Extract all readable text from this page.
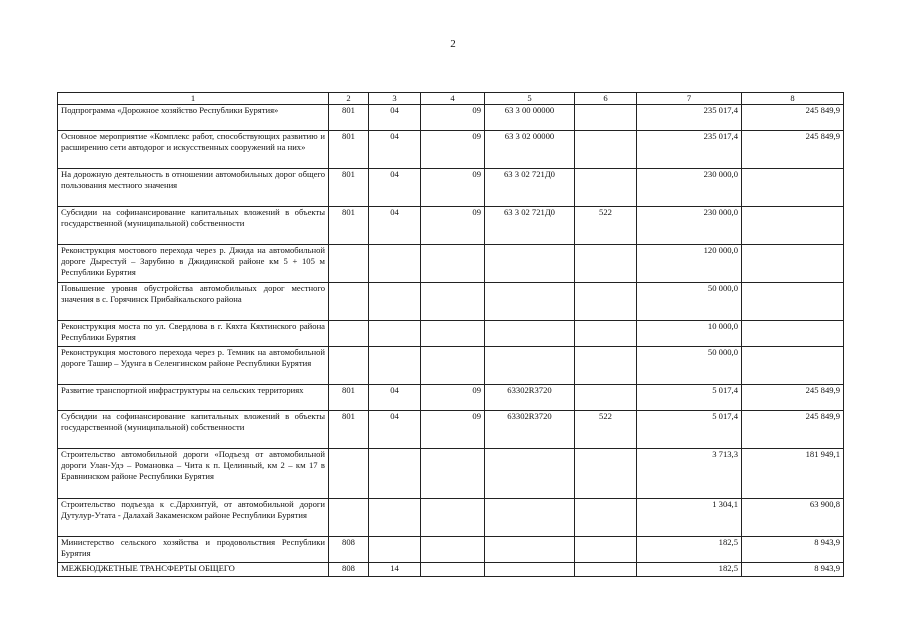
2
1	2	3	4	5	6	7	8
Подпрограмма «Дорожное хозяйство Республики Бурятия»	801	04	09	63 3 00 00000		235 017,4	245 849,9
Основное мероприятие «Комплекс работ, способствующих развитию и расширению сети автодорог и искусственных сооружений на них»	801	04	09	63 3 02 00000		235 017,4	245 849,9
На дорожную деятельность в отношении автомобильных дорог общего пользования местного значения	801	04	09	63 3 02 721Д0		230 000,0	
Субсидии на софинансирование капитальных вложений в объекты государственной (муниципальной) собственности	801	04	09	63 3 02 721Д0	522	230 000,0	
Реконструкция мостового перехода через р. Джида на автомобильной дороге Дырестуй – Зарубино в Джидинской районе км 5 + 105 м Республики Бурятия						120 000,0	
Повышение уровня обустройства автомобильных дорог местного значения в с. Горячинск Прибайкальского района						50 000,0	
Реконструкция моста по ул. Свердлова в г. Кяхта Кяхтинского района Республики Бурятия						10 000,0	
Реконструкция мостового перехода через р. Темник на автомобильной дороге Ташир – Удунга в Селенгинском районе Республики Бурятия						50 000,0	
Развитие транспортной инфраструктуры на сельских территориях	801	04	09	63302R3720		5 017,4	245 849,9
Субсидии на софинансирование капитальных вложений в объекты государственной (муниципальной) собственности	801	04	09	63302R3720	522	5 017,4	245 849,9
Строительство автомобильной дороги «Подъезд от автомобильной дороги Улан-Удэ – Романовка – Чита к п. Целинный, км 2 – км 17 в Еравнинском районе Республики Бурятия						3 713,3	181 949,1
Строительство подъезда к с.Дархинтуй, от автомобильной дороги Дутулур-Утата - Далахай Закаменском районе Республики Бурятия						1 304,1	63 900,8
Министерство сельского хозяйства и продовольствия Республики Бурятия	808					182,5	8 943,9
МЕЖБЮДЖЕТНЫЕ ТРАНСФЕРТЫ ОБЩЕГО	808	14				182,5	8 943,9
